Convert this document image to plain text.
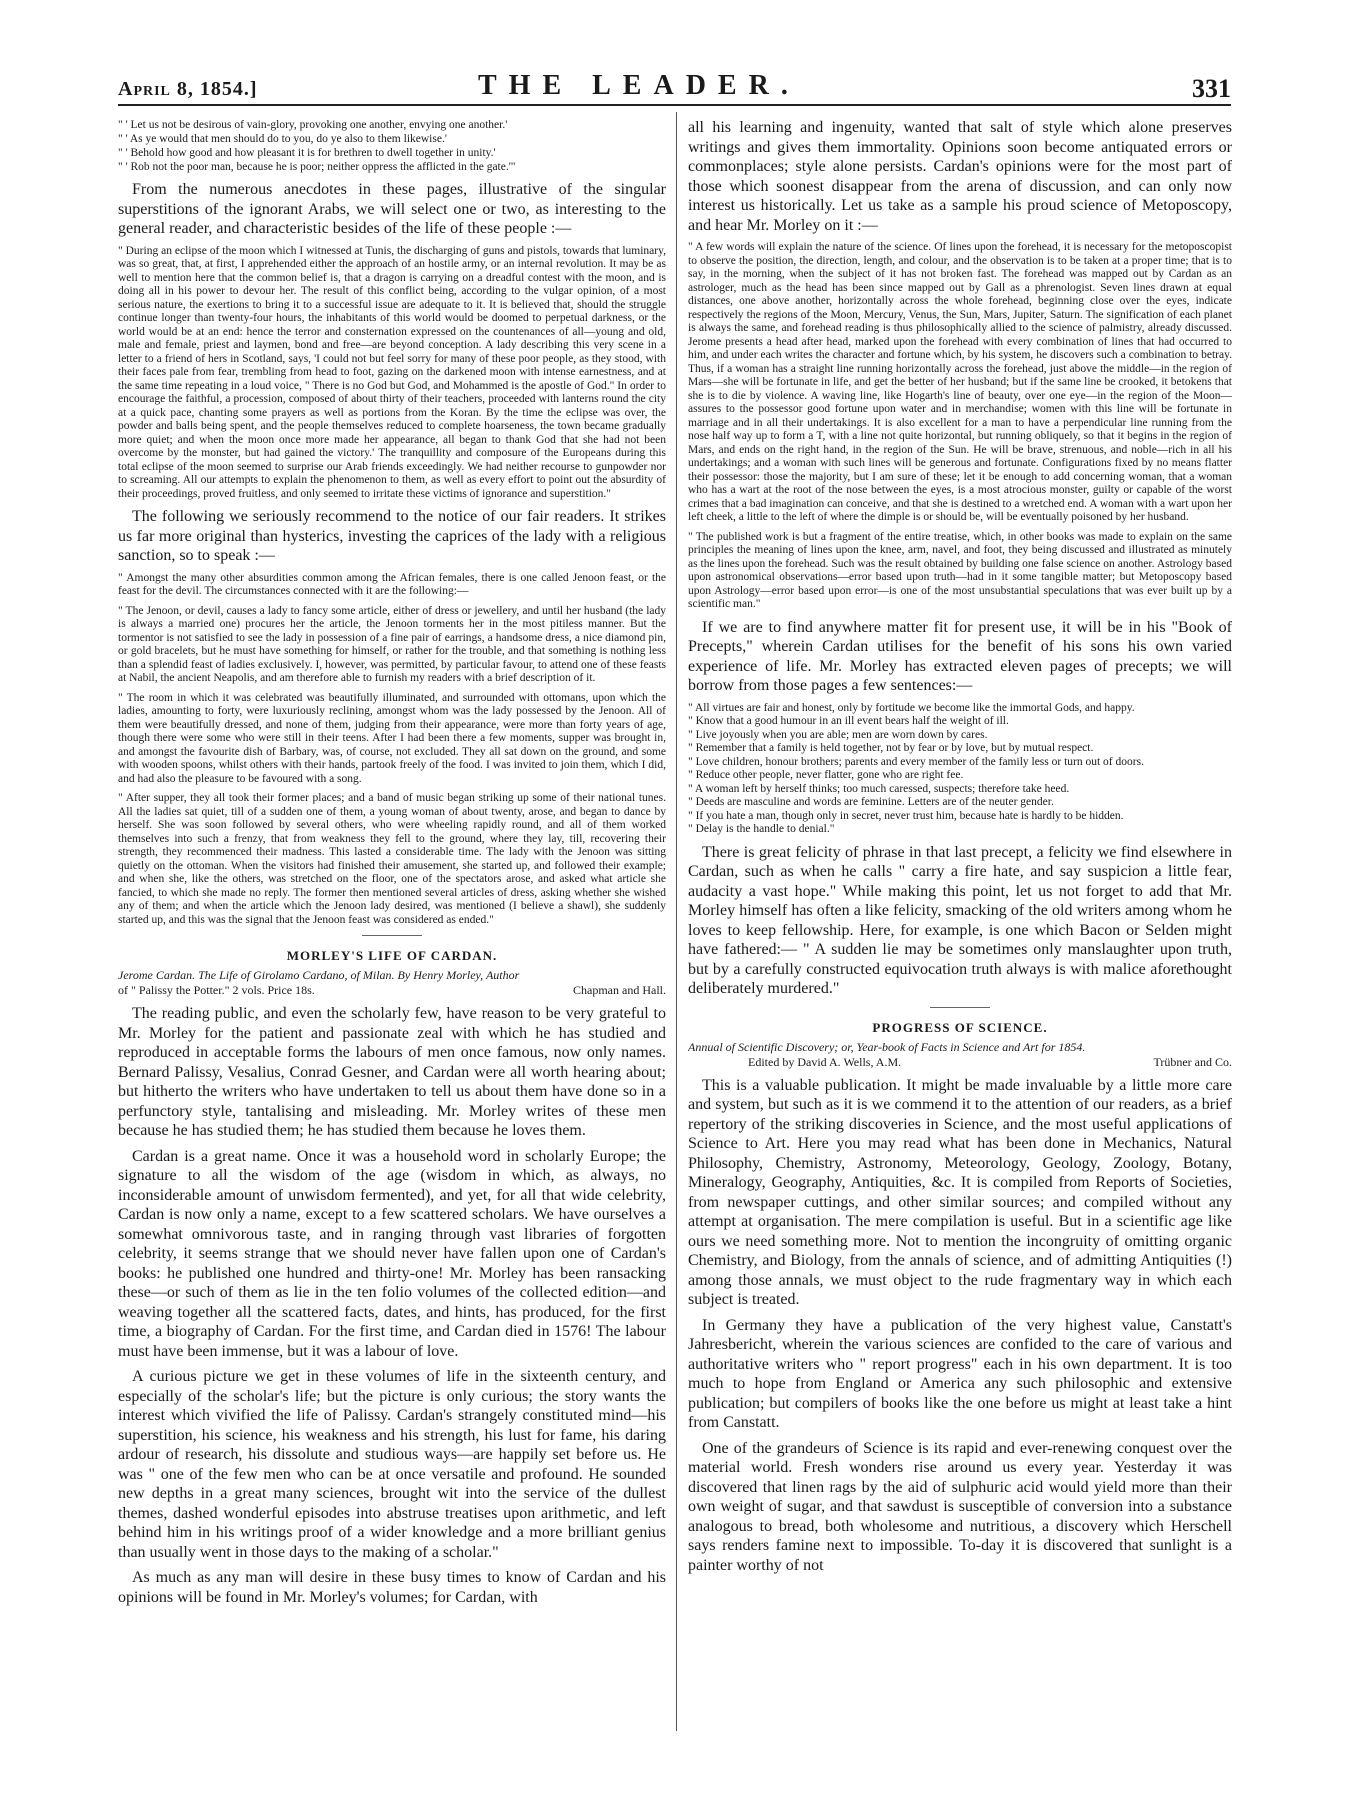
April 8, 1854.]	THE LEADER.	331

" ' Let us not be desirous of vain-glory, provoking one another, envying one another.'

" ' As ye would that men should do to you, do ye also to them likewise.'

" ' Behold how good and how pleasant it is for brethren to dwell together in unity.'

" ' Rob not the poor man, because he is poor; neither oppress the afflicted in the gate.'"

From the numerous anecdotes in these pages, illustrative of the singular superstitions of the ignorant Arabs, we will select one or two, as interesting to the general reader, and characteristic besides of the life of these people :—

" During an eclipse of the moon which I witnessed at Tunis, the discharging of guns and pistols, towards that luminary, was so great, that, at first, I apprehended either the approach of an hostile army, or an internal revolution. It may be as well to mention here that the common belief is, that a dragon is carrying on a dreadful contest with the moon, and is doing all in his power to devour her. The result of this conflict being, according to the vulgar opinion, of a most serious nature, the exertions to bring it to a successful issue are adequate to it. It is believed that, should the struggle continue longer than twenty-four hours, the inhabitants of this world would be doomed to perpetual darkness, or the world would be at an end: hence the terror and consternation expressed on the countenances of all—young and old, male and female, priest and laymen, bond and free—are beyond conception. A lady describing this very scene in a letter to a friend of hers in Scotland, says, 'I could not but feel sorry for many of these poor people, as they stood, with their faces pale from fear, trembling from head to foot, gazing on the darkened moon with intense earnestness, and at the same time repeating in a loud voice, " There is no God but God, and Mohammed is the apostle of God." In order to encourage the faithful, a procession, composed of about thirty of their teachers, proceeded with lanterns round the city at a quick pace, chanting some prayers as well as portions from the Koran. By the time the eclipse was over, the powder and balls being spent, and the people themselves reduced to complete hoarseness, the town became gradually more quiet; and when the moon once more made her appearance, all began to thank God that she had not been overcome by the monster, but had gained the victory.' The tranquillity and composure of the Europeans during this total eclipse of the moon seemed to surprise our Arab friends exceedingly. We had neither recourse to gunpowder nor to screaming. All our attempts to explain the phenomenon to them, as well as every effort to point out the absurdity of their proceedings, proved fruitless, and only seemed to irritate these victims of ignorance and superstition."

The following we seriously recommend to the notice of our fair readers. It strikes us far more original than hysterics, investing the caprices of the lady with a religious sanction, so to speak :—

" Amongst the many other absurdities common among the African females, there is one called Jenoon feast, or the feast for the devil. The circumstances connected with it are the following:—

" The Jenoon, or devil, causes a lady to fancy some article, either of dress or jewellery, and until her husband (the lady is always a married one) procures her the article, the Jenoon torments her in the most pitiless manner. But the tormentor is not satisfied to see the lady in possession of a fine pair of earrings, a handsome dress, a nice diamond pin, or gold bracelets, but he must have something for himself, or rather for the trouble, and that something is nothing less than a splendid feast of ladies exclusively. I, however, was permitted, by particular favour, to attend one of these feasts at Nabil, the ancient Neapolis, and am therefore able to furnish my readers with a brief description of it.

" The room in which it was celebrated was beautifully illuminated, and surrounded with ottomans, upon which the ladies, amounting to forty, were luxuriously reclining, amongst whom was the lady possessed by the Jenoon. All of them were beautifully dressed, and none of them, judging from their appearance, were more than forty years of age, though there were some who were still in their teens. After I had been there a few moments, supper was brought in, and amongst the favourite dish of Barbary, was, of course, not excluded. They all sat down on the ground, and some with wooden spoons, whilst others with their hands, partook freely of the food. I was invited to join them, which I did, and had also the pleasure to be favoured with a song.

" After supper, they all took their former places; and a band of music began striking up some of their national tunes. All the ladies sat quiet, till of a sudden one of them, a young woman of about twenty, arose, and began to dance by herself. She was soon followed by several others, who were wheeling rapidly round, and all of them worked themselves into such a frenzy, that from weakness they fell to the ground, where they lay, till, recovering their strength, they recommenced their madness. This lasted a considerable time. The lady with the Jenoon was sitting quietly on the ottoman. When the visitors had finished their amusement, she started up, and followed their example; and when she, like the others, was stretched on the floor, one of the spectators arose, and asked what article she fancied, to which she made no reply. The former then mentioned several articles of dress, asking whether she wished any of them; and when the article which the Jenoon lady desired, was mentioned (I believe a shawl), she suddenly started up, and this was the signal that the Jenoon feast was considered as ended."

MORLEY'S LIFE OF CARDAN.
Jerome Cardan. The Life of Girolamo Cardano, of Milan. By Henry Morley, Author
of " Palissy the Potter." 2 vols. Price 18s.	Chapman and Hall.

The reading public, and even the scholarly few, have reason to be very grateful to Mr. Morley for the patient and passionate zeal with which he has studied and reproduced in acceptable forms the labours of men once famous, now only names. Bernard Palissy, Vesalius, Conrad Gesner, and Cardan were all worth hearing about; but hitherto the writers who have undertaken to tell us about them have done so in a perfunctory style, tantalising and misleading. Mr. Morley writes of these men because he has studied them; he has studied them because he loves them.

Cardan is a great name. Once it was a household word in scholarly Europe; the signature to all the wisdom of the age (wisdom in which, as always, no inconsiderable amount of unwisdom fermented), and yet, for all that wide celebrity, Cardan is now only a name, except to a few scattered scholars. We have ourselves a somewhat omnivorous taste, and in ranging through vast libraries of forgotten celebrity, it seems strange that we should never have fallen upon one of Cardan's books: he published one hundred and thirty-one! Mr. Morley has been ransacking these—or such of them as lie in the ten folio volumes of the collected edition—and weaving together all the scattered facts, dates, and hints, has produced, for the first time, a biography of Cardan. For the first time, and Cardan died in 1576! The labour must have been immense, but it was a labour of love.

A curious picture we get in these volumes of life in the sixteenth century, and especially of the scholar's life; but the picture is only curious; the story wants the interest which vivified the life of Palissy. Cardan's strangely constituted mind—his superstition, his science, his weakness and his strength, his lust for fame, his daring ardour of research, his dissolute and studious ways—are happily set before us. He was " one of the few men who can be at once versatile and profound. He sounded new depths in a great many sciences, brought wit into the service of the dullest themes, dashed wonderful episodes into abstruse treatises upon arithmetic, and left behind him in his writings proof of a wider knowledge and a more brilliant genius than usually went in those days to the making of a scholar."

As much as any man will desire in these busy times to know of Cardan and his opinions will be found in Mr. Morley's volumes; for Cardan, with

all his learning and ingenuity, wanted that salt of style which alone preserves writings and gives them immortality. Opinions soon become antiquated errors or commonplaces; style alone persists. Cardan's opinions were for the most part of those which soonest disappear from the arena of discussion, and can only now interest us historically. Let us take as a sample his proud science of Metoposcopy, and hear Mr. Morley on it :—

" A few words will explain the nature of the science. Of lines upon the forehead, it is necessary for the metoposcopist to observe the position, the direction, length, and colour, and the observation is to be taken at a proper time; that is to say, in the morning, when the subject of it has not broken fast. The forehead was mapped out by Cardan as an astrologer, much as the head has been since mapped out by Gall as a phrenologist. Seven lines drawn at equal distances, one above another, horizontally across the whole forehead, beginning close over the eyes, indicate respectively the regions of the Moon, Mercury, Venus, the Sun, Mars, Jupiter, Saturn. The signification of each planet is always the same, and forehead reading is thus philosophically allied to the science of palmistry, already discussed. Jerome presents a head after head, marked upon the forehead with every combination of lines that had occurred to him, and under each writes the character and fortune which, by his system, he discovers such a combination to betray. Thus, if a woman has a straight line running horizontally across the forehead, just above the middle—in the region of Mars—she will be fortunate in life, and get the better of her husband; but if the same line be crooked, it betokens that she is to die by violence. A waving line, like Hogarth's line of beauty, over one eye—in the region of the Moon—assures to the possessor good fortune upon water and in merchandise; women with this line will be fortunate in marriage and in all their undertakings. It is also excellent for a man to have a perpendicular line running from the nose half way up to form a T, with a line not quite horizontal, but running obliquely, so that it begins in the region of Mars, and ends on the right hand, in the region of the Sun. He will be brave, strenuous, and noble—rich in all his undertakings; and a woman with such lines will be generous and fortunate. Configurations fixed by no means flatter their possessor: those the majority, but I am sure of these; let it be enough to add concerning woman, that a woman who has a wart at the root of the nose between the eyes, is a most atrocious monster, guilty or capable of the worst crimes that a bad imagination can conceive, and that she is destined to a wretched end. A woman with a wart upon her left cheek, a little to the left of where the dimple is or should be, will be eventually poisoned by her husband.

" The published work is but a fragment of the entire treatise, which, in other books was made to explain on the same principles the meaning of lines upon the knee, arm, navel, and foot, they being discussed and illustrated as minutely as the lines upon the forehead. Such was the result obtained by building one false science on another. Astrology based upon astronomical observations—error based upon truth—had in it some tangible matter; but Metoposcopy based upon Astrology—error based upon error—is one of the most unsubstantial speculations that was ever built up by a scientific man."

If we are to find anywhere matter fit for present use, it will be in his "Book of Precepts," wherein Cardan utilises for the benefit of his sons his own varied experience of life. Mr. Morley has extracted eleven pages of precepts; we will borrow from those pages a few sentences:—

" All virtues are fair and honest, only by fortitude we become like the immortal Gods, and happy.

" Know that a good humour in an ill event bears half the weight of ill.

" Live joyously when you are able; men are worn down by cares.

" Remember that a family is held together, not by fear or by love, but by mutual respect.

" Love children, honour brothers; parents and every member of the family less or turn out of doors.

" Reduce other people, never flatter, gone who are right fee.

" A woman left by herself thinks; too much caressed, suspects; therefore take heed.

" Deeds are masculine and words are feminine. Letters are of the neuter gender.

" If you hate a man, though only in secret, never trust him, because hate is hardly to be hidden.

" Delay is the handle to denial."

There is great felicity of phrase in that last precept, a felicity we find elsewhere in Cardan, such as when he calls " carry a fire hate, and say suspicion a little fear, audacity a vast hope." While making this point, let us not forget to add that Mr. Morley himself has often a like felicity, smacking of the old writers among whom he loves to keep fellowship. Here, for example, is one which Bacon or Selden might have fathered:— " A sudden lie may be sometimes only manslaughter upon truth, but by a carefully constructed equivocation truth always is with malice aforethought deliberately murdered."

PROGRESS OF SCIENCE.
Annual of Scientific Discovery; or, Year-book of Facts in Science and Art for 1854.
Edited by David A. Wells, A.M.	Trübner and Co.

This is a valuable publication. It might be made invaluable by a little more care and system, but such as it is we commend it to the attention of our readers, as a brief repertory of the striking discoveries in Science, and the most useful applications of Science to Art. Here you may read what has been done in Mechanics, Natural Philosophy, Chemistry, Astronomy, Meteorology, Geology, Zoology, Botany, Mineralogy, Geography, Antiquities, &c. It is compiled from Reports of Societies, from newspaper cuttings, and other similar sources; and compiled without any attempt at organisation. The mere compilation is useful. But in a scientific age like ours we need something more. Not to mention the incongruity of omitting organic Chemistry, and Biology, from the annals of science, and of admitting Antiquities (!) among those annals, we must object to the rude fragmentary way in which each subject is treated.

In Germany they have a publication of the very highest value, Canstatt's Jahresbericht, wherein the various sciences are confided to the care of various and authoritative writers who " report progress" each in his own department. It is too much to hope from England or America any such philosophic and extensive publication; but compilers of books like the one before us might at least take a hint from Canstatt.

One of the grandeurs of Science is its rapid and ever-renewing conquest over the material world. Fresh wonders rise around us every year. Yesterday it was discovered that linen rags by the aid of sulphuric acid would yield more than their own weight of sugar, and that sawdust is susceptible of conversion into a substance analogous to bread, both wholesome and nutritious, a discovery which Herschell says renders famine next to impossible. To-day it is discovered that sunlight is a painter worthy of not
